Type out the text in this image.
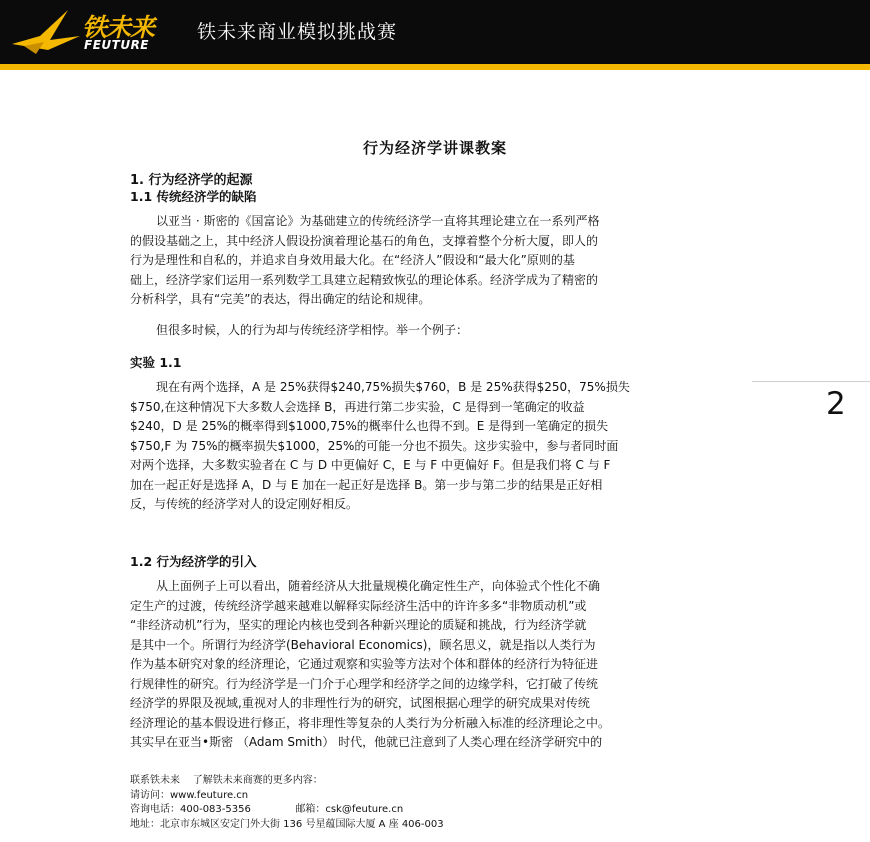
铁未来
FEUTURE
铁未来商业模拟挑战赛
行为经济学讲课教案
1. 行为经济学的起源
1.1 传统经济学的缺陷
以亚当 · 斯密的《国富论》为基础建立的传统经济学一直将其理论建立在一系列严格
的假设基础之上，其中经济人假设扮演着理论基石的角色，支撑着整个分析大厦，即人的
行为是理性和自私的，并追求自身效用最大化。在“经济人”假设和“最大化”原则的基
础上，经济学家们运用一系列数学工具建立起精致恢弘的理论体系。经济学成为了精密的
分析科学，具有“完美”的表达，得出确定的结论和规律。
但很多时候，人的行为却与传统经济学相悖。举一个例子：
实验 1.1
现在有两个选择，A 是 25%获得$240,75%损失$760，B 是 25%获得$250，75%损失
$750,在这种情况下大多数人会选择 B，再进行第二步实验，C 是得到一笔确定的收益
$240，D 是 25%的概率得到$1000,75%的概率什么也得不到。E 是得到一笔确定的损失
$750,F 为 75%的概率损失$1000，25%的可能一分也不损失。这步实验中，参与者同时面
对两个选择，大多数实验者在 C 与 D 中更偏好 C，E 与 F 中更偏好 F。但是我们将 C 与 F
加在一起正好是选择 A，D 与 E 加在一起正好是选择 B。第一步与第二步的结果是正好相
反，与传统的经济学对人的设定刚好相反。
2
1.2 行为经济学的引入
从上面例子上可以看出，随着经济从大批量规模化确定性生产，向体验式个性化不确
定生产的过渡，传统经济学越来越难以解释实际经济生活中的许许多多“非物质动机”或
“非经济动机”行为，坚实的理论内核也受到各种新兴理论的质疑和挑战，行为经济学就
是其中一个。所谓行为经济学(Behavioral Economics)，顾名思义，就是指以人类行为
作为基本研究对象的经济理论，它通过观察和实验等方法对个体和群体的经济行为特征进
行规律性的研究。行为经济学是一门介于心理学和经济学之间的边缘学科，它打破了传统
经济学的界限及视域,重视对人的非理性行为的研究，试图根据心理学的研究成果对传统
经济理论的基本假设进行修正，将非理性等复杂的人类行为分析融入标准的经济理论之中。
其实早在亚当•斯密 （Adam Smith） 时代，他就已注意到了人类心理在经济学研究中的
联系铁未来    了解铁未来商赛的更多内容：
请访问：www.feuture.cn
咨询电话：400-083-5356              邮箱：csk@feuture.cn
地址：北京市东城区安定门外大街 136 号星蕴国际大厦 A 座 406-003
